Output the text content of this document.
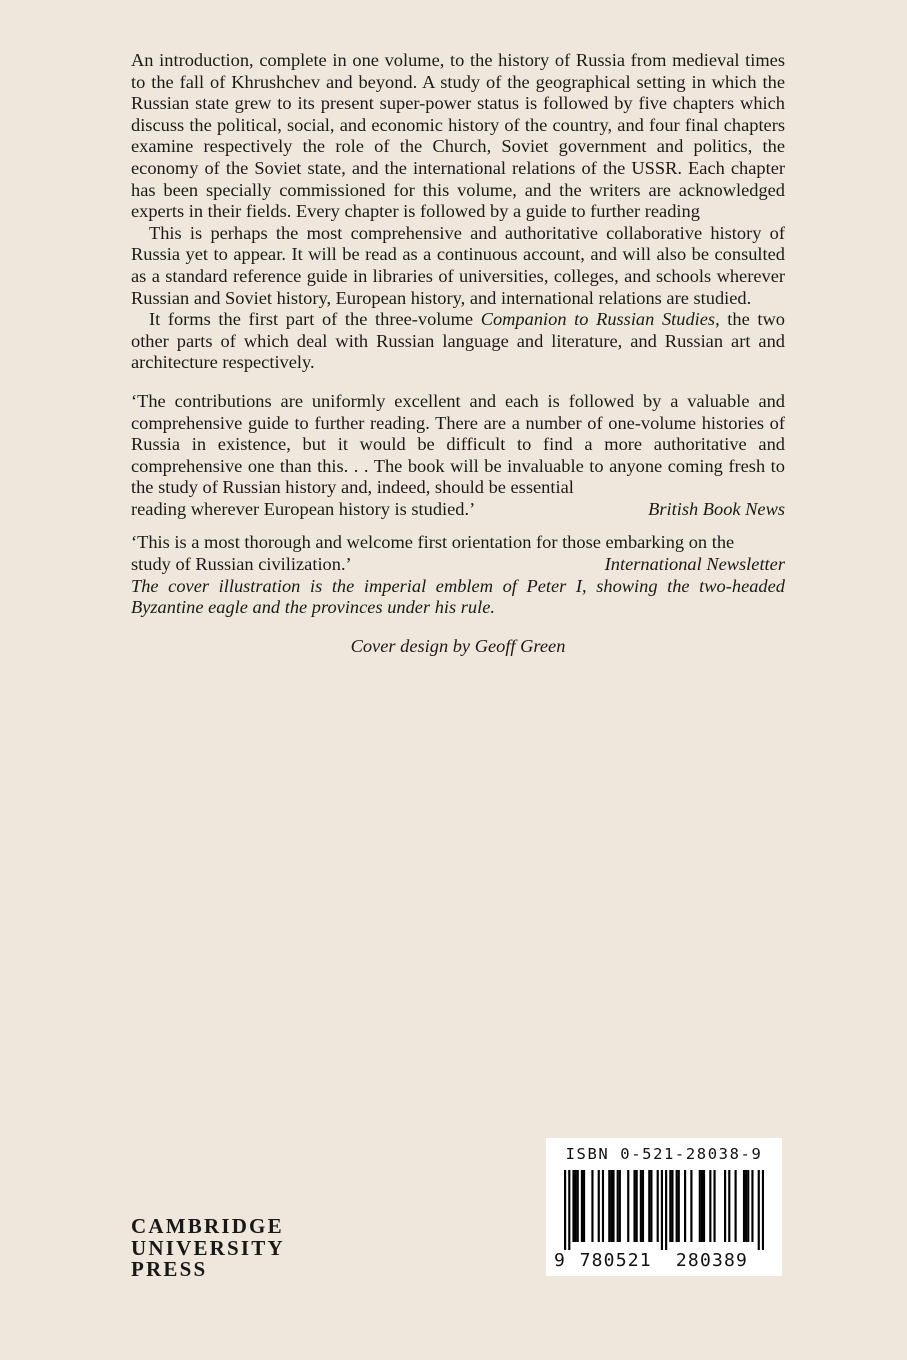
An introduction, complete in one volume, to the history of Russia from medieval times to the fall of Khrushchev and beyond. A study of the geographical setting in which the Russian state grew to its present super-power status is followed by five chapters which discuss the political, social, and economic history of the country, and four final chapters examine respectively the role of the Church, Soviet government and politics, the economy of the Soviet state, and the international relations of the USSR. Each chapter has been specially commissioned for this volume, and the writers are acknowledged experts in their fields. Every chapter is followed by a guide to further reading

This is perhaps the most comprehensive and authoritative collaborative history of Russia yet to appear. It will be read as a continuous account, and will also be consulted as a standard reference guide in libraries of universities, colleges, and schools wherever Russian and Soviet history, European history, and international relations are studied.

It forms the first part of the three-volume Companion to Russian Studies, the two other parts of which deal with Russian language and literature, and Russian art and architecture respectively.

‘The contributions are uniformly excellent and each is followed by a valuable and comprehensive guide to further reading. There are a number of one-volume histories of Russia in existence, but it would be difficult to find a more authoritative and comprehensive one than this. . . The book will be invaluable to anyone coming fresh to the study of Russian history and, indeed, should be essential

reading wherever European history is studied.’	British Book News

‘This is a most thorough and welcome first orientation for those embarking on the

study of Russian civilization.’	International Newsletter

The cover illustration is the imperial emblem of Peter I, showing the two-headed Byzantine eagle and the provinces under his rule.

Cover design by Geoff Green
CAMBRIDGE
UNIVERSITY
PRESS
ISBN 0-521-28038-9
9 780521	280389
